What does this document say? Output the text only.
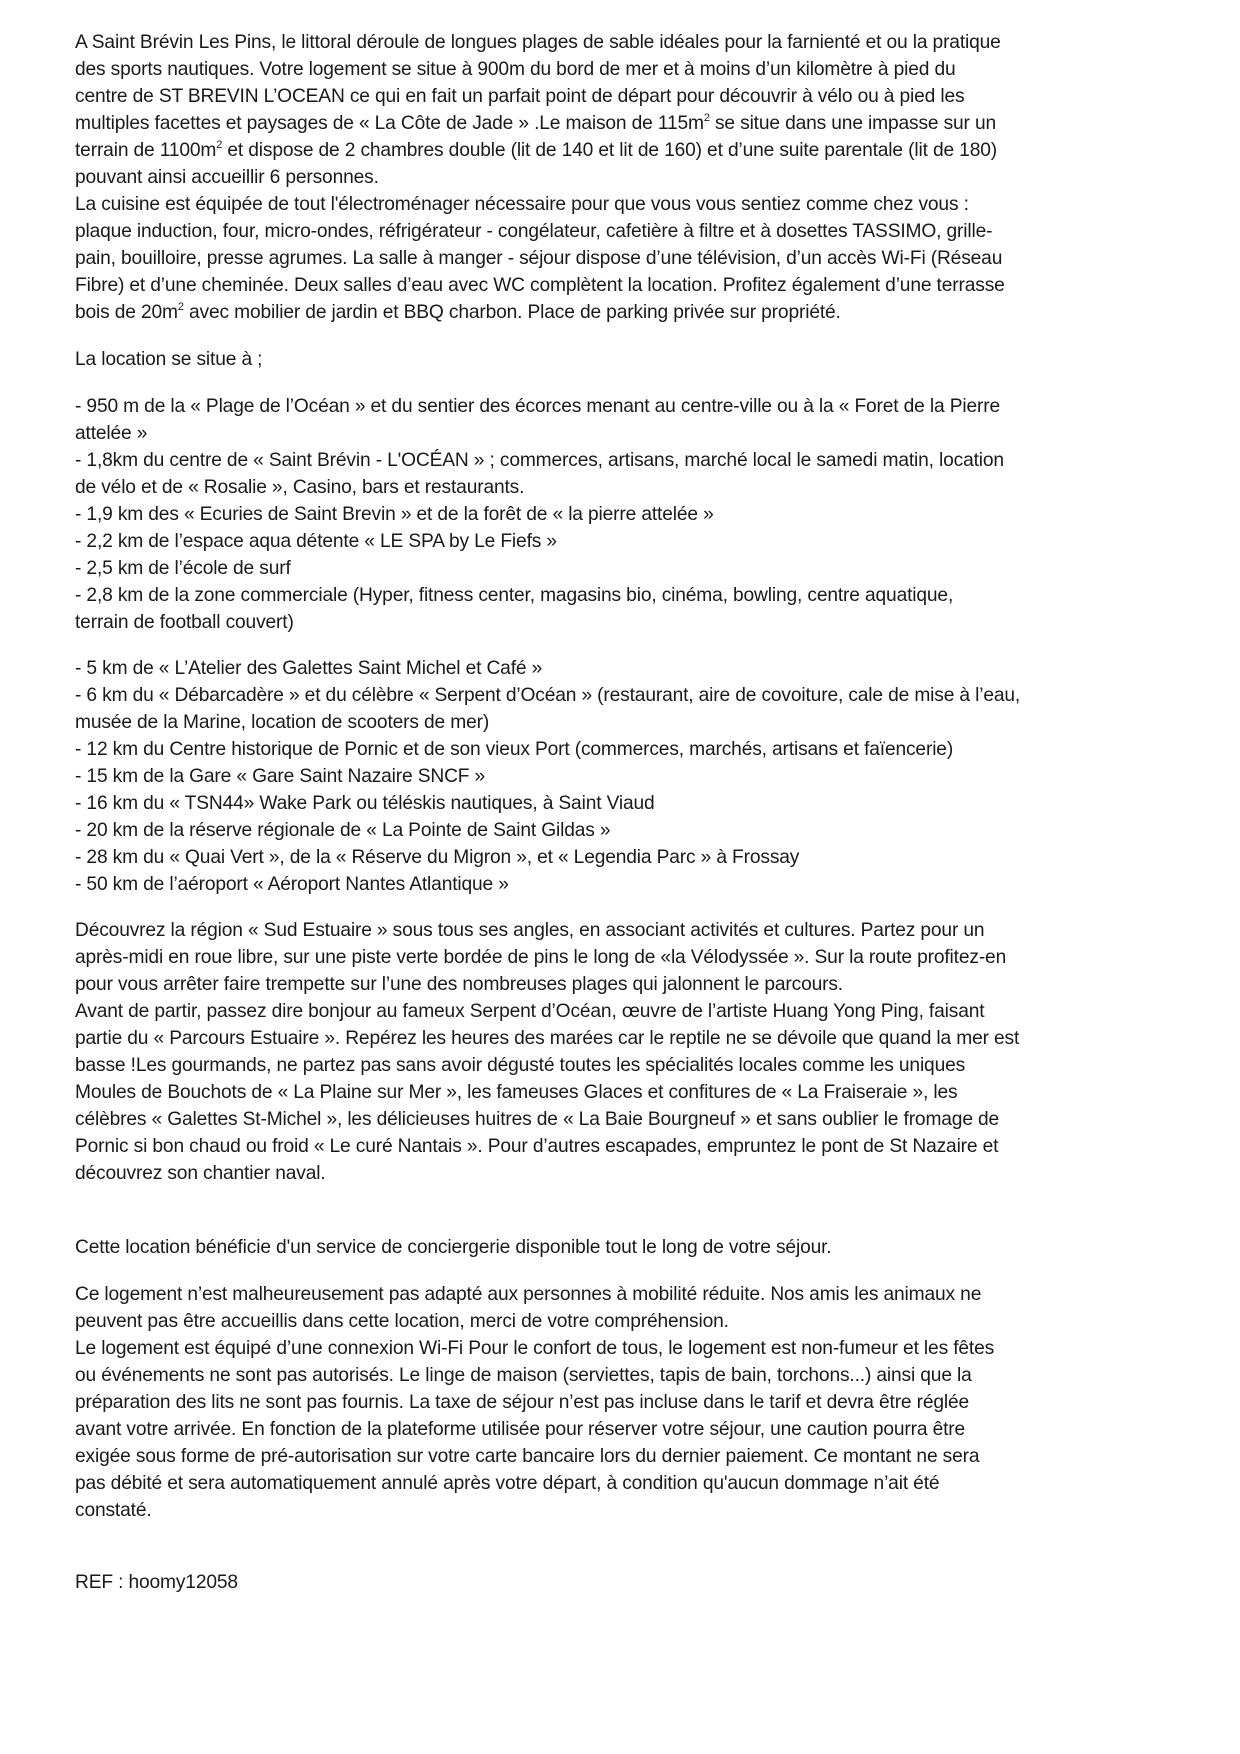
A Saint Brévin Les Pins, le littoral déroule de longues plages de sable idéales pour la farnienté et ou la pratique
des sports nautiques. Votre logement se situe à 900m du bord de mer et à moins d’un kilomètre à pied du
centre de ST BREVIN L’OCEAN ce qui en fait un parfait point de départ pour découvrir à vélo ou à pied les
multiples facettes et paysages de « La Côte de Jade » .Le maison de $115m^2$ se situe dans une impasse sur un
terrain de $1100m^2$ et dispose de 2 chambres double (lit de 140 et lit de 160) et d’une suite parentale (lit de 180)
pouvant ainsi accueillir 6 personnes.
La cuisine est équipée de tout l'électroménager nécessaire pour que vous vous sentiez comme chez vous :
plaque induction, four, micro-ondes, réfrigérateur - congélateur, cafetière à filtre et à dosettes TASSIMO, grille-
pain, bouilloire, presse agrumes. La salle à manger - séjour dispose d’une télévision, d’un accès Wi-Fi (Réseau
Fibre) et d’une cheminée. Deux salles d’eau avec WC complètent la location. Profitez également d’une terrasse
bois de $20m^2$ avec mobilier de jardin et BBQ charbon. Place de parking privée sur propriété.
La location se situe à ;
- 950 m de la « Plage de l’Océan » et du sentier des écorces menant au centre-ville ou à la « Foret de la Pierre
attelée »
- 1,8km du centre de « Saint Brévin - L'OCÉAN » ; commerces, artisans, marché local le samedi matin, location
de vélo et de « Rosalie », Casino, bars et restaurants.
- 1,9 km des « Ecuries de Saint Brevin » et de la forêt de « la pierre attelée »
- 2,2 km de l’espace aqua détente « LE SPA by Le Fiefs »
- 2,5 km de l’école de surf
- 2,8 km de la zone commerciale (Hyper, fitness center, magasins bio, cinéma, bowling, centre aquatique,
terrain de football couvert)
- 5 km de « L’Atelier des Galettes Saint Michel et Café »
- 6 km du « Débarcadère » et du célèbre « Serpent d’Océan » (restaurant, aire de covoiture, cale de mise à l’eau,
musée de la Marine, location de scooters de mer)
- 12 km du Centre historique de Pornic et de son vieux Port (commerces, marchés, artisans et faïencerie)
- 15 km de la Gare « Gare Saint Nazaire SNCF »
- 16 km du « TSN44» Wake Park ou téléskis nautiques, à Saint Viaud
- 20 km de la réserve régionale de « La Pointe de Saint Gildas »
- 28 km du « Quai Vert », de la « Réserve du Migron », et « Legendia Parc » à Frossay
- 50 km de l’aéroport « Aéroport Nantes Atlantique »
Découvrez la région « Sud Estuaire » sous tous ses angles, en associant activités et cultures. Partez pour un
après-midi en roue libre, sur une piste verte bordée de pins le long de «la Vélodyssée ». Sur la route profitez-en
pour vous arrêter faire trempette sur l’une des nombreuses plages qui jalonnent le parcours.
Avant de partir, passez dire bonjour au fameux Serpent d’Océan, œuvre de l’artiste Huang Yong Ping, faisant
partie du « Parcours Estuaire ». Repérez les heures des marées car le reptile ne se dévoile que quand la mer est
basse !Les gourmands, ne partez pas sans avoir dégusté toutes les spécialités locales comme les uniques
Moules de Bouchots de « La Plaine sur Mer », les fameuses Glaces et confitures de « La Fraiseraie », les
célèbres « Galettes St-Michel », les délicieuses huitres de « La Baie Bourgneuf » et sans oublier le fromage de
Pornic si bon chaud ou froid « Le curé Nantais ». Pour d’autres escapades, empruntez le pont de St Nazaire et
découvrez son chantier naval.
Cette location bénéficie d'un service de conciergerie disponible tout le long de votre séjour.
Ce logement n’est malheureusement pas adapté aux personnes à mobilité réduite. Nos amis les animaux ne
peuvent pas être accueillis dans cette location, merci de votre compréhension.
Le logement est équipé d’une connexion Wi-Fi Pour le confort de tous, le logement est non-fumeur et les fêtes
ou événements ne sont pas autorisés. Le linge de maison (serviettes, tapis de bain, torchons...) ainsi que la
préparation des lits ne sont pas fournis. La taxe de séjour n’est pas incluse dans le tarif et devra être réglée
avant votre arrivée. En fonction de la plateforme utilisée pour réserver votre séjour, une caution pourra être
exigée sous forme de pré-autorisation sur votre carte bancaire lors du dernier paiement. Ce montant ne sera
pas débité et sera automatiquement annulé après votre départ, à condition qu'aucun dommage n’ait été
constaté.
REF : hoomy12058
